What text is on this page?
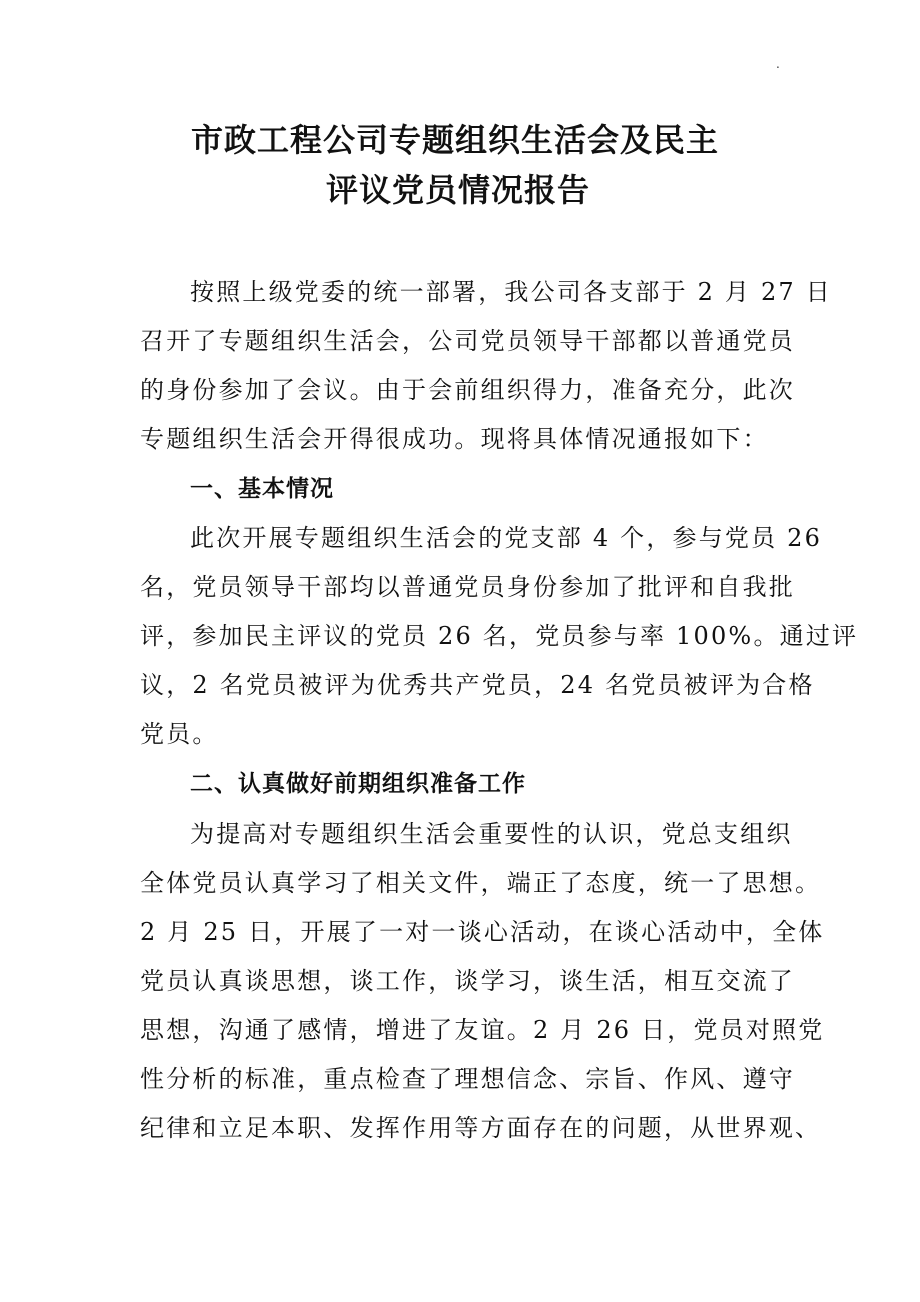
.
市政工程公司专题组织生活会及民主
评议党员情况报告

按照上级党委的统一部署，我公司各支部于 2 月 27 日

召开了专题组织生活会，公司党员领导干部都以普通党员

的身份参加了会议。由于会前组织得力，准备充分，此次

专题组织生活会开得很成功。现将具体情况通报如下：

一、基本情况

此次开展专题组织生活会的党支部 4 个，参与党员 26

名，党员领导干部均以普通党员身份参加了批评和自我批

评，参加民主评议的党员 26 名，党员参与率 100%。通过评

议，2 名党员被评为优秀共产党员，24 名党员被评为合格

党员。

二、认真做好前期组织准备工作

为提高对专题组织生活会重要性的认识，党总支组织

全体党员认真学习了相关文件，端正了态度，统一了思想。

2 月 25 日，开展了一对一谈心活动，在谈心活动中，全体

党员认真谈思想，谈工作，谈学习，谈生活，相互交流了

思想，沟通了感情，增进了友谊。2 月 26 日，党员对照党

性分析的标准，重点检查了理想信念、宗旨、作风、遵守

纪律和立足本职、发挥作用等方面存在的问题，从世界观、
